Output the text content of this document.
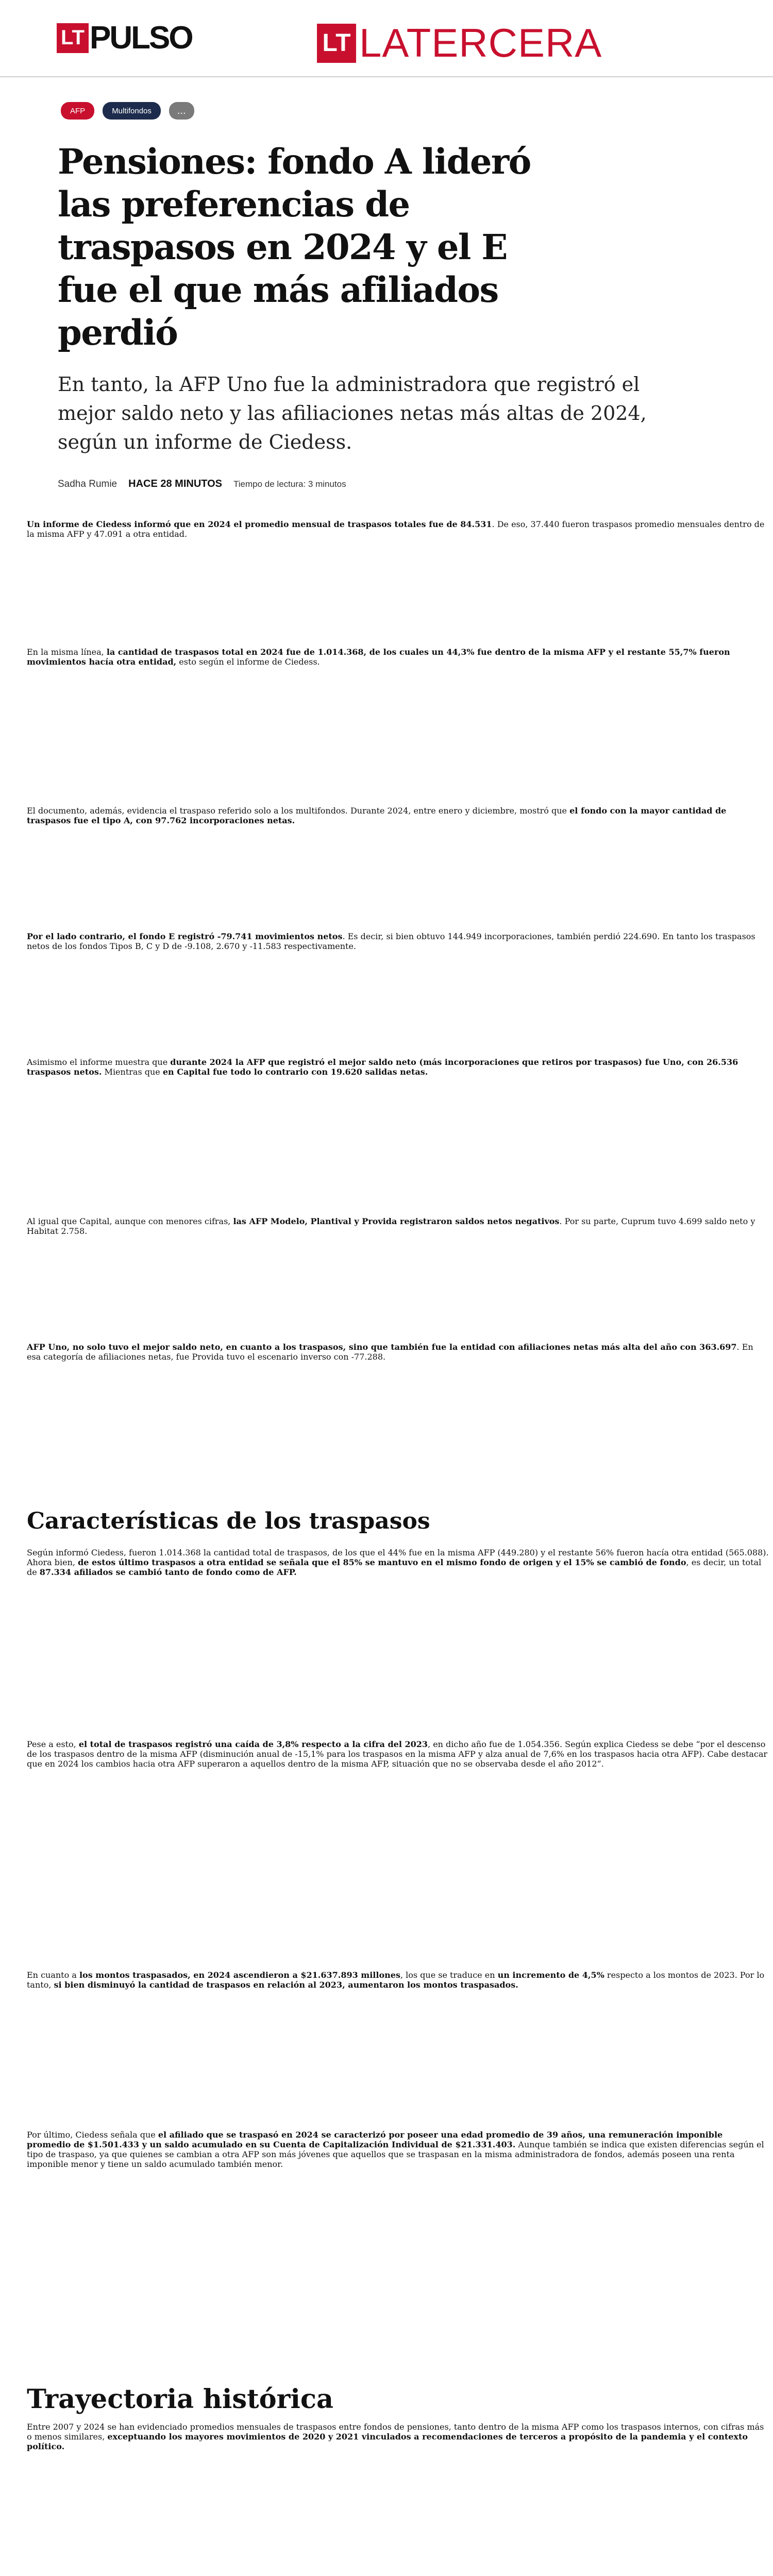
LT PULSO	LT LATERCERA
AFP	Multifondos	...
Pensiones: fondo A lideró las preferencias de traspasos en 2024 y el E fue el que más afiliados perdió

En tanto, la AFP Uno fue la administradora que registró el mejor saldo neto y las afiliaciones netas más altas de 2024, según un informe de Ciedess.

Sadha Rumie HACE 28 MINUTOS Tiempo de lectura: 3 minutos

Un informe de Ciedess informó que en 2024 el promedio mensual de traspasos totales fue de 84.531. De eso, 37.440 fueron traspasos promedio mensuales dentro de la misma AFP y 47.091 a otra entidad.

En la misma línea, la cantidad de traspasos total en 2024 fue de 1.014.368, de los cuales un 44,3% fue dentro de la misma AFP y el restante 55,7% fueron movimientos hacía otra entidad, esto según el informe de Ciedess.

El documento, además, evidencia el traspaso referido solo a los multifondos. Durante 2024, entre enero y diciembre, mostró que el fondo con la mayor cantidad de traspasos fue el tipo A, con 97.762 incorporaciones netas.

Por el lado contrario, el fondo E registró -79.741 movimientos netos. Es decir, si bien obtuvo 144.949 incorporaciones, también perdió 224.690. En tanto los traspasos netos de los fondos Tipos B, C y D de -9.108, 2.670 y -11.583 respectivamente.

Asimismo el informe muestra que durante 2024 la AFP que registró el mejor saldo neto (más incorporaciones que retiros por traspasos) fue Uno, con 26.536 traspasos netos. Mientras que en Capital fue todo lo contrario con 19.620 salidas netas.

Al igual que Capital, aunque con menores cifras, las AFP Modelo, Plantival y Provida registraron saldos netos negativos. Por su parte, Cuprum tuvo 4.699 saldo neto y Habitat 2.758.

AFP Uno, no solo tuvo el mejor saldo neto, en cuanto a los traspasos, sino que también fue la entidad con afiliaciones netas más alta del año con 363.697. En esa categoría de afiliaciones netas, fue Provida tuvo el escenario inverso con -77.288.

Características de los traspasos

Según informó Ciedess, fueron 1.014.368 la cantidad total de traspasos, de los que el 44% fue en la misma AFP (449.280) y el restante 56% fueron hacía otra entidad (565.088). Ahora bien, de estos último traspasos a otra entidad se señala que el 85% se mantuvo en el mismo fondo de origen y el 15% se cambió de fondo, es decir, un total de 87.334 afiliados se cambió tanto de fondo como de AFP.

Pese a esto, el total de traspasos registró una caída de 3,8% respecto a la cifra del 2023, en dicho año fue de 1.054.356. Según explica Ciedess se debe “por el descenso de los traspasos dentro de la misma AFP (disminución anual de -15,1% para los traspasos en la misma AFP y alza anual de 7,6% en los traspasos hacia otra AFP). Cabe destacar que en 2024 los cambios hacia otra AFP superaron a aquellos dentro de la misma AFP, situación que no se observaba desde el año 2012”.

En cuanto a los montos traspasados, en 2024 ascendieron a $21.637.893 millones, los que se traduce en un incremento de 4,5% respecto a los montos de 2023. Por lo tanto, si bien disminuyó la cantidad de traspasos en relación al 2023, aumentaron los montos traspasados.

Por último, Ciedess señala que el afiliado que se traspasó en 2024 se caracterizó por poseer una edad promedio de 39 años, una remuneración imponible promedio de $1.501.433 y un saldo acumulado en su Cuenta de Capitalización Individual de $21.331.403. Aunque también se indica que existen diferencias según el tipo de traspaso, ya que quienes se cambian a otra AFP son más jóvenes que aquellos que se traspasan en la misma administradora de fondos, además poseen una renta imponible menor y tiene un saldo acumulado también menor.

Trayectoria histórica

Entre 2007 y 2024 se han evidenciado promedios mensuales de traspasos entre fondos de pensiones, tanto dentro de la misma AFP como los traspasos internos, con cifras más o menos similares, exceptuando los mayores movimientos de 2020 y 2021 vinculados a recomendaciones de terceros a propósito de la pandemia y el contexto político.
